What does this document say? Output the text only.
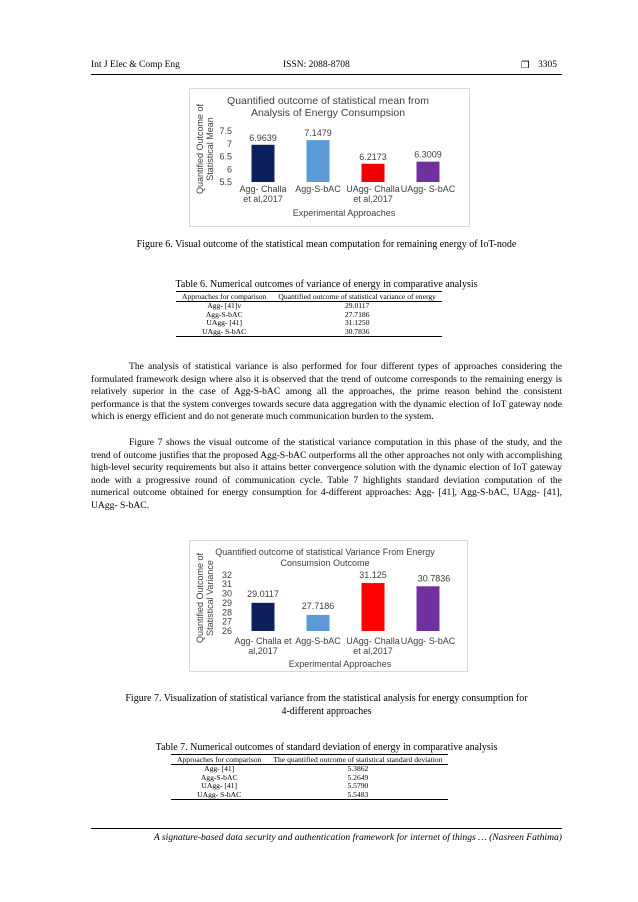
Int J Elec & Comp Eng	ISSN: 2088-8708	❐ 3305
Quantified outcome of statistical mean from
Analysis of Energy Consumpsion
Quantified Outcome of Statistical Mean 7.5
7
6.5
6
5.5
6.9639
Agg- Challa
et al,2017
7.1479
Agg-S-bAC
6.2173
UAgg- Challa
et al,2017
6.3009
UAgg- S-bAC
Experimental Approaches
Figure 6. Visual outcome of the statistical mean computation for remaining energy of IoT-node
Table 6. Numerical outcomes of variance of energy in comparative analysis
Approaches for comparison	Quantified outcome of statistical variance of energy
Agg- [41]v	29.0117
Agg-S-bAC	27.7186
UAgg- [41]	31.1250
UAgg- S-bAC	30.7836

The analysis of statistical variance is also performed for four different types of approaches considering the formulated framework design where also it is observed that the trend of outcome corresponds to the remaining energy is relatively superior in the case of Agg-S-bAC among all the approaches, the prime reason behind the consistent performance is that the system converges towards secure data aggregation with the dynamic election of IoT gateway node which is energy efficient and do not generate much communication burden to the system.

Figure 7 shows the visual outcome of the statistical variance computation in this phase of the study, and the trend of outcome justifies that the proposed Agg-S-bAC outperforms all the other approaches not only with accomplishing high-level security requirements but also it attains better convergence solution with the dynamic election of IoT gateway node with a progressive round of communication cycle. Table 7 highlights standard deviation computation of the numerical outcome obtained for energy consumption for 4-different approaches: Agg- [41], Agg-S-bAC, UAgg- [41], UAgg- S-bAC.

Quantified outcome of statistical Variance From Energy
Consumsion Outcome
Quantified Outcome of Statistical Variance 32
31
30
29
28
27
26
29.0117
Agg- Challa et
al,2017
27.7186
Agg-S-bAC
31.125
UAgg- Challa
et al,2017
30.7836
UAgg- S-bAC
Experimental Approaches
Figure 7. Visualization of statistical variance from the statistical analysis for energy consumption for
4-different approaches
Table 7. Numerical outcomes of standard deviation of energy in comparative analysis
Approaches for comparison	The quantified outcome of statistical standard deviation
Agg- [41]	5.3862
Agg-S-bAC	5.2649
UAgg- [41]	5.5790
UAgg- S-bAC	5.5483
A signature-based data security and authentication framework for internet of things … (Nasreen Fathima)
